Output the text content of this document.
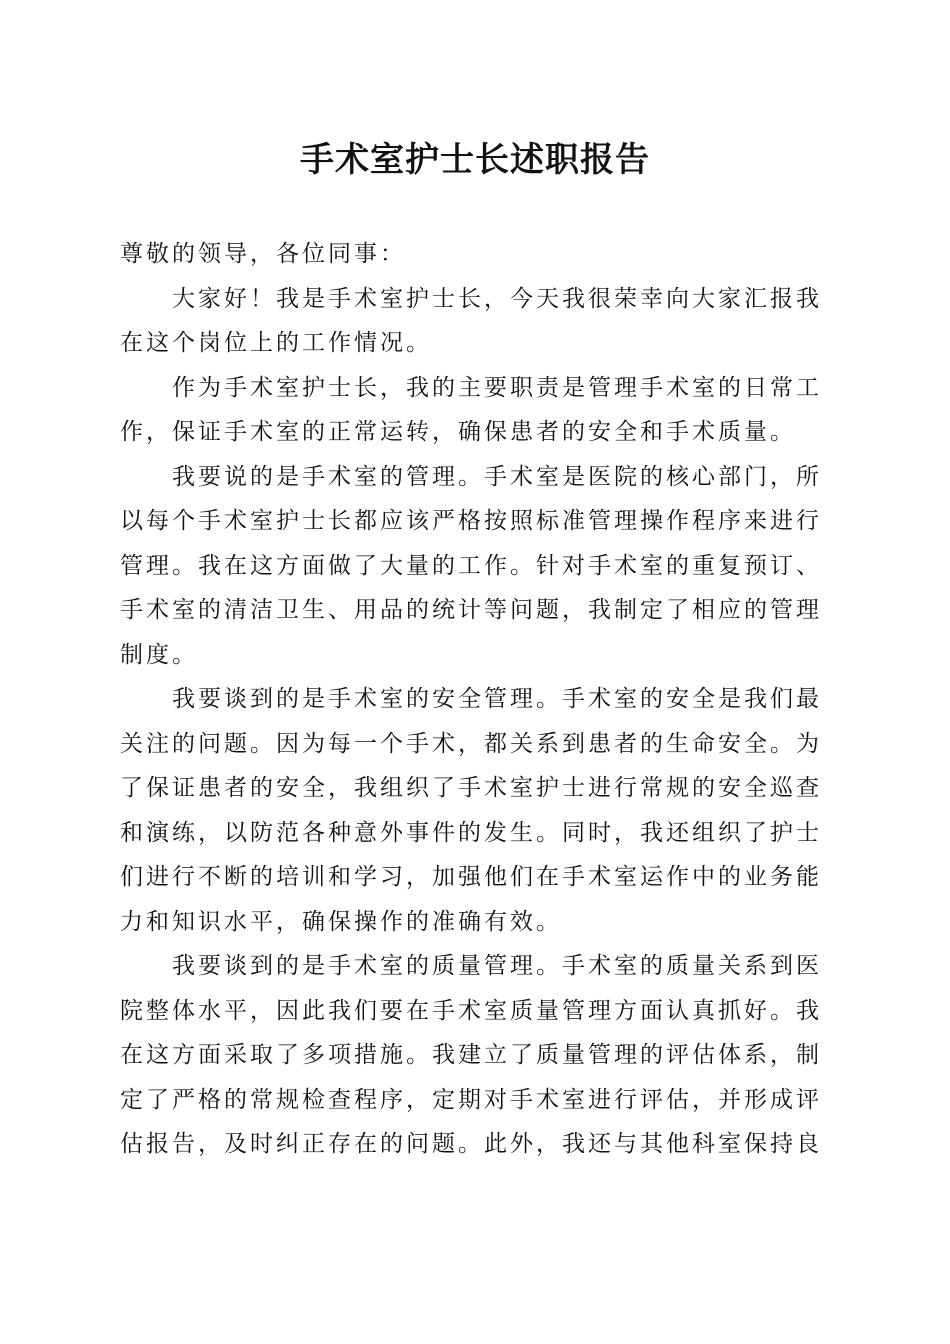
手术室护士长述职报告

尊敬的领导，各位同事：

大家好！我是手术室护士长，今天我很荣幸向大家汇报我在这个岗位上的工作情况。

作为手术室护士长，我的主要职责是管理手术室的日常工作，保证手术室的正常运转，确保患者的安全和手术质量。

我要说的是手术室的管理。手术室是医院的核心部门，所以每个手术室护士长都应该严格按照标准管理操作程序来进行管理。我在这方面做了大量的工作。针对手术室的重复预订、手术室的清洁卫生、用品的统计等问题，我制定了相应的管理制度。

我要谈到的是手术室的安全管理。手术室的安全是我们最关注的问题。因为每一个手术，都关系到患者的生命安全。为了保证患者的安全，我组织了手术室护士进行常规的安全巡查和演练，以防范各种意外事件的发生。同时，我还组织了护士们进行不断的培训和学习，加强他们在手术室运作中的业务能力和知识水平，确保操作的准确有效。

我要谈到的是手术室的质量管理。手术室的质量关系到医院整体水平，因此我们要在手术室质量管理方面认真抓好。我在这方面采取了多项措施。我建立了质量管理的评估体系，制定了严格的常规检查程序，定期对手术室进行评估，并形成评估报告，及时纠正存在的问题。此外，我还与其他科室保持良
